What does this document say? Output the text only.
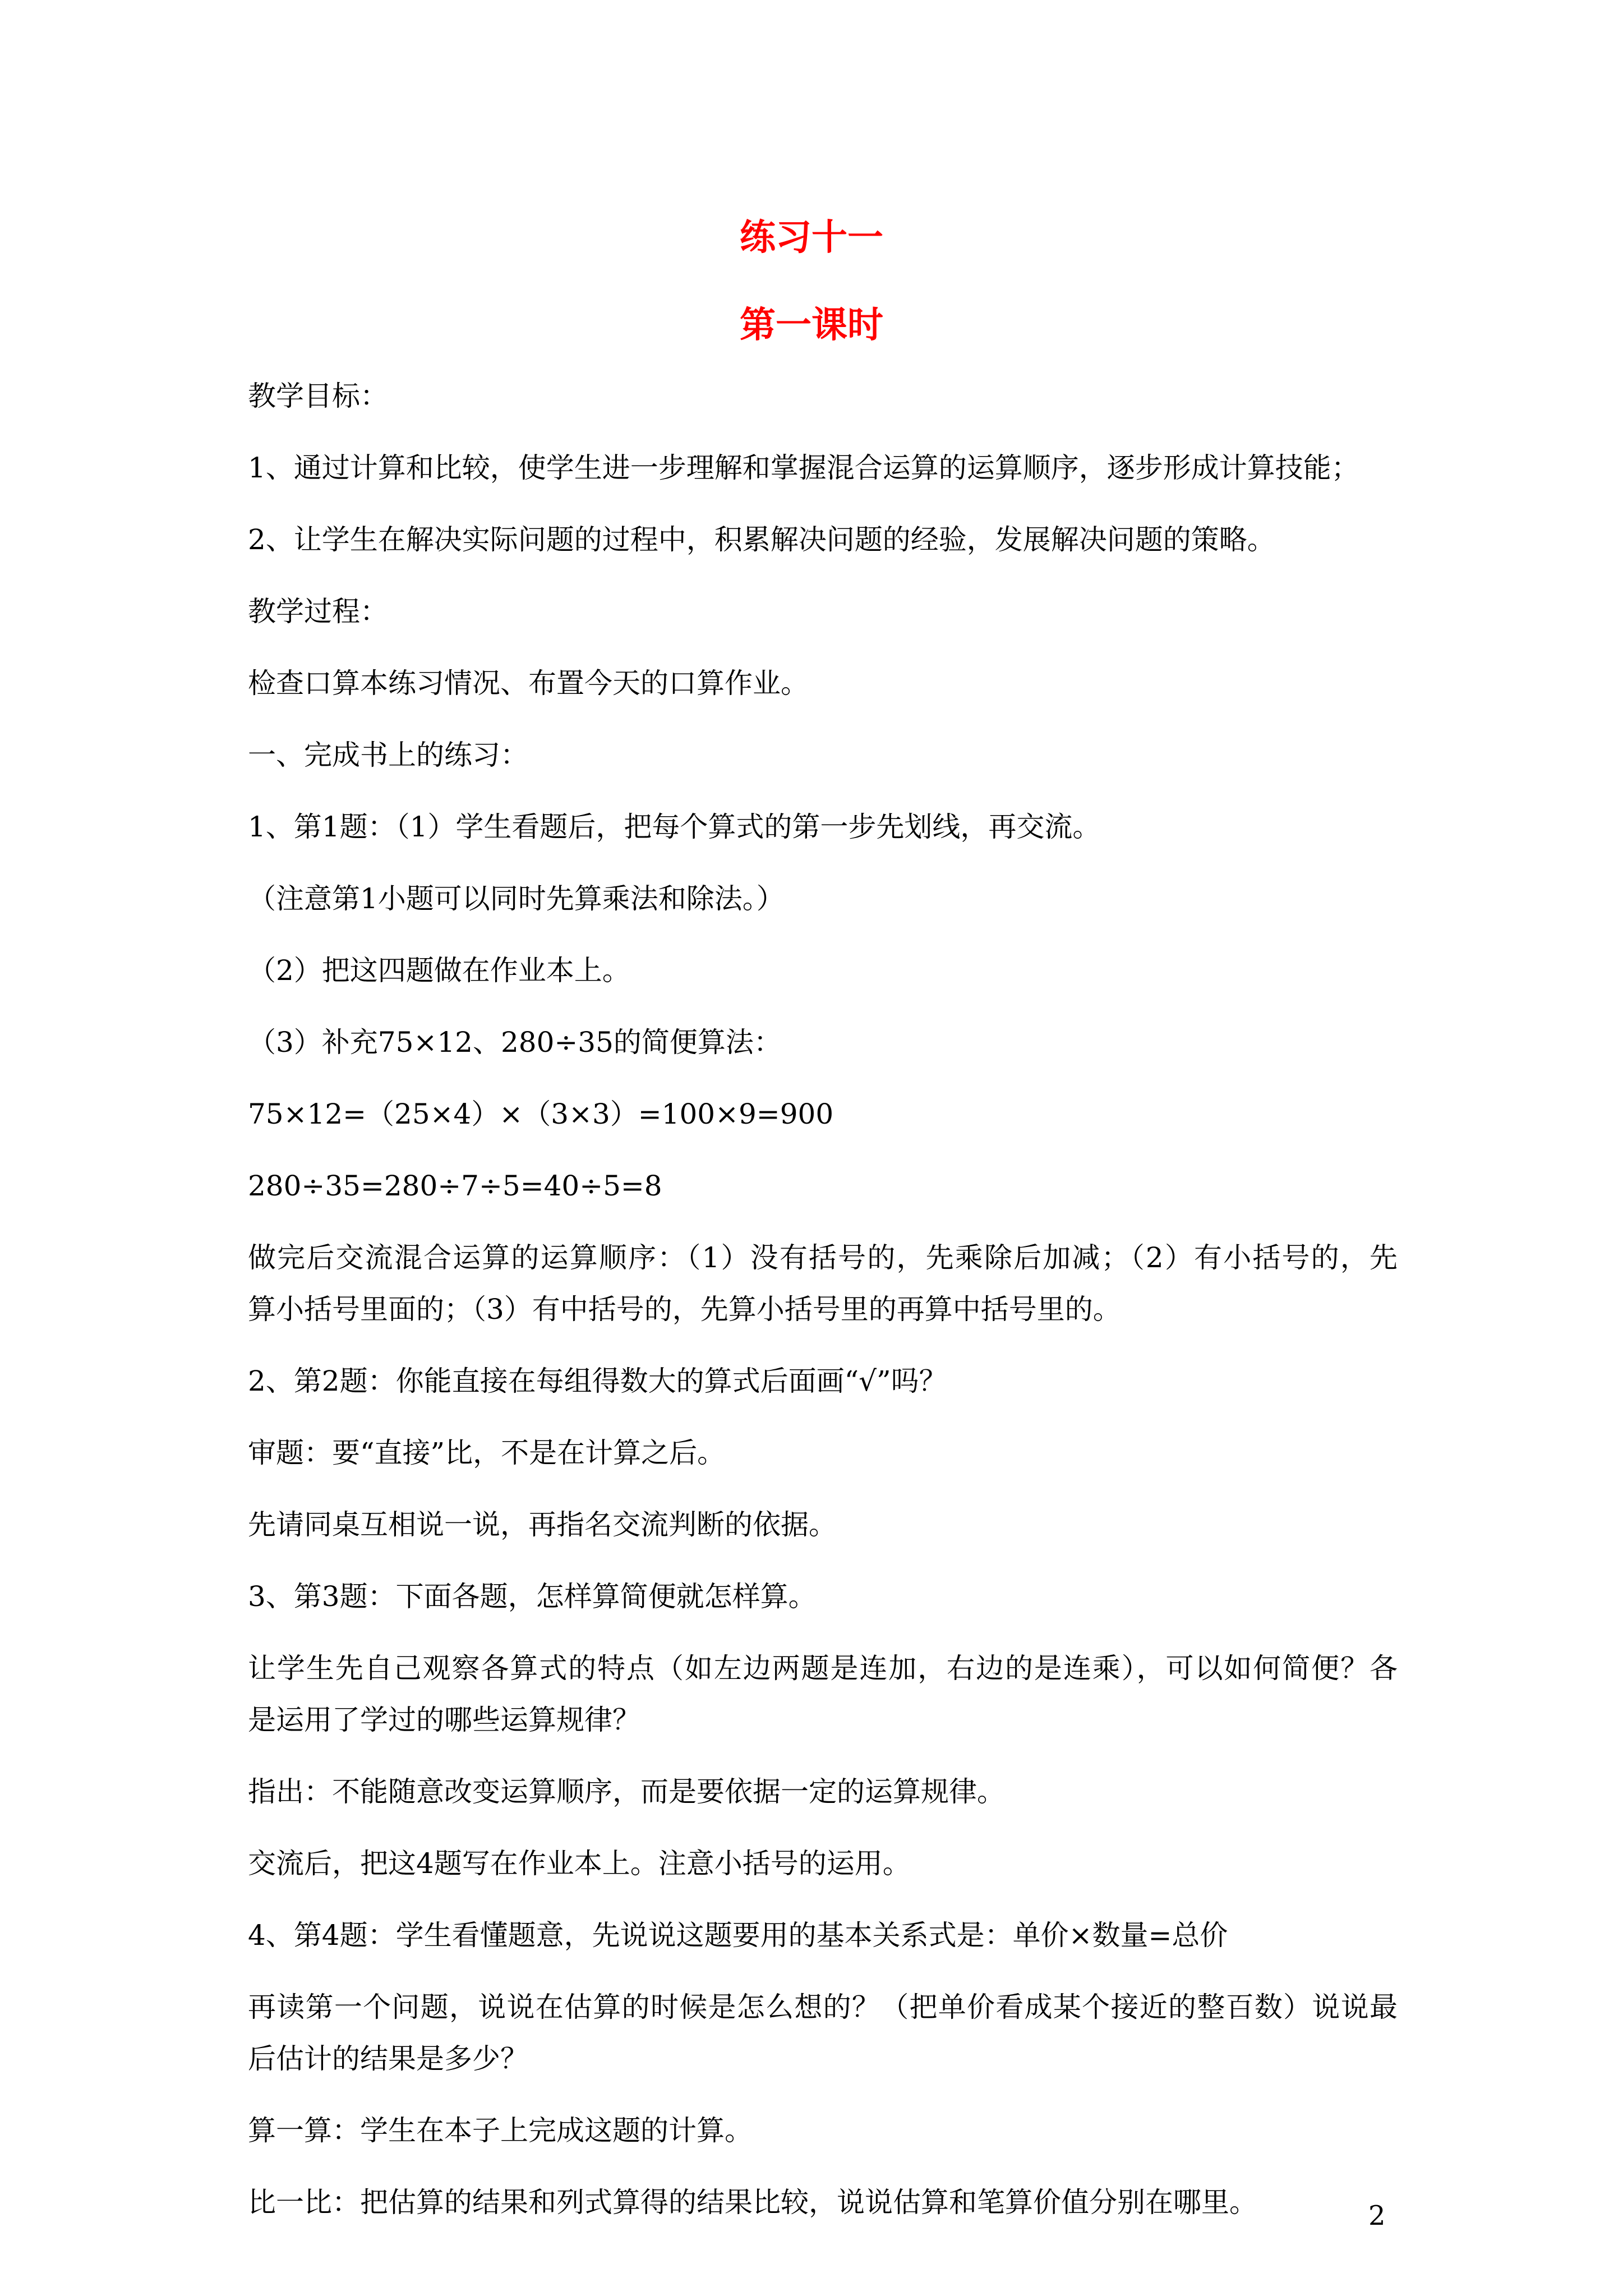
练习十一
第一课时

教学目标：

1、通过计算和比较，使学生进一步理解和掌握混合运算的运算顺序，逐步形成计算技能；

2、让学生在解决实际问题的过程中，积累解决问题的经验，发展解决问题的策略。

教学过程：

检查口算本练习情况、布置今天的口算作业。

一、完成书上的练习：

1、第1题：（1）学生看题后，把每个算式的第一步先划线，再交流。

（注意第1小题可以同时先算乘法和除法。）

（2）把这四题做在作业本上。

（3）补充75×12、280÷35的简便算法：

75×12=（25×4）×（3×3）=100×9=900

280÷35=280÷7÷5=40÷5=8

做完后交流混合运算的运算顺序：（1）没有括号的，先乘除后加减；（2）有小括号的，先

算小括号里面的；（3）有中括号的，先算小括号里的再算中括号里的。

2、第2题：你能直接在每组得数大的算式后面画“√”吗？

审题：要“直接”比，不是在计算之后。

先请同桌互相说一说，再指名交流判断的依据。

3、第3题：下面各题，怎样算简便就怎样算。

让学生先自己观察各算式的特点（如左边两题是连加，右边的是连乘），可以如何简便？各

是运用了学过的哪些运算规律？

指出：不能随意改变运算顺序，而是要依据一定的运算规律。

交流后，把这4题写在作业本上。注意小括号的运用。

4、第4题：学生看懂题意，先说说这题要用的基本关系式是：单价×数量=总价

再读第一个问题，说说在估算的时候是怎么想的？（把单价看成某个接近的整百数）说说最

后估计的结果是多少？

算一算：学生在本子上完成这题的计算。

比一比：把估算的结果和列式算得的结果比较，说说估算和笔算价值分别在哪里。	2
